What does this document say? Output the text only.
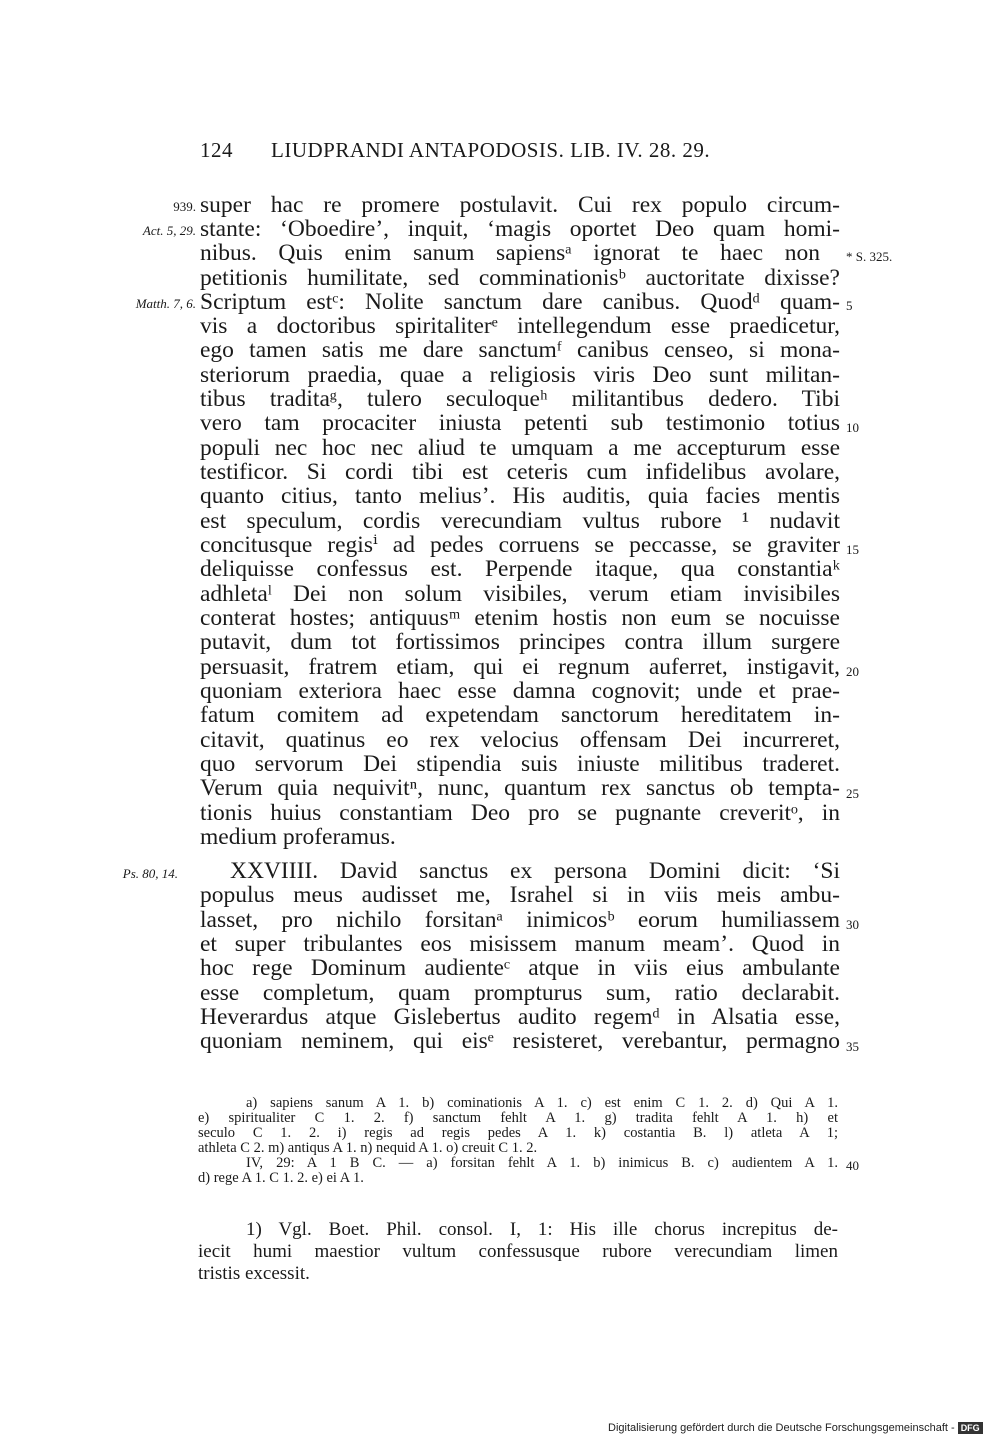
124 LIUDPRANDI ANTAPODOSIS. LIB. IV. 28. 29.
super hac re promere postulavit. Cui rex populo circum-
stante: ‘Oboedire’, inquit, ‘magis oportet Deo quam homi-
nibus. Quis enim sanum sapiensᵃ ignorat te haec non
petitionis humilitate, sed comminationisᵇ auctoritate dixisse?
Scriptum estᶜ: Nolite sanctum dare canibus. Quodᵈ quam-
vis a doctoribus spiritaliterᵉ intellegendum esse praedicetur,
ego tamen satis me dare sanctumᶠ canibus censeo, si mona-
steriorum praedia, quae a religiosis viris Deo sunt militan-
tibus traditaᵍ, tulero seculoqueʰ militantibus dedero. Tibi
vero tam procaciter iniusta petenti sub testimonio totius
populi nec hoc nec aliud te umquam a me accepturum esse
testificor. Si cordi tibi est ceteris cum infidelibus avolare,
quanto citius, tanto melius’. His auditis, quia facies mentis
est speculum, cordis verecundiam vultus rubore ¹ nudavit
concitusque regisⁱ ad pedes corruens se peccasse, se graviter
deliquisse confessus est. Perpende itaque, qua constantiaᵏ
adhletaˡ Dei non solum visibiles, verum etiam invisibiles
conterat hostes; antiquusᵐ etenim hostis non eum se nocuisse
putavit, dum tot fortissimos principes contra illum surgere
persuasit, fratrem etiam, qui ei regnum auferret, instigavit,
quoniam exteriora haec esse damna cognovit; unde et prae-
fatum comitem ad expetendam sanctorum hereditatem in-
citavit, quatinus eo rex velocius offensam Dei incurreret,
quo servorum Dei stipendia suis iniuste militibus traderet.
Verum quia nequivitⁿ, nunc, quantum rex sanctus ob tempta-
tionis huius constantiam Deo pro se pugnante creveritᵒ, in
medium proferamus.
XXVIIII. David sanctus ex persona Domini dicit: ‘Si
populus meus audisset me, Israhel si in viis meis ambu-
lasset, pro nichilo forsitanᵃ inimicosᵇ eorum humiliassem
et super tribulantes eos misissem manum meam’. Quod in
hoc rege Dominum audienteᶜ atque in viis eius ambulante
esse completum, quam prompturus sum, ratio declarabit.
Heverardus atque Gislebertus audito regemᵈ in Alsatia esse,
quoniam neminem, qui eisᵉ resisteret, verebantur, permagno
939.
Act. 5, 29.
Matth. 7, 6.
Ps. 80, 14.
* S. 325.
5
10
15
20
25
30
35
40
a) sapiens sanum A 1. b) cominationis A 1. c) est enim C 1. 2. d) Qui A 1.
e) spiritualiter C 1. 2. f) sanctum fehlt A 1. g) tradita fehlt A 1. h) et
seculo C 1. 2. i) regis ad regis pedes A 1. k) costantia B. l) atleta A 1;
athleta C 2. m) antiqus A 1. n) nequid A 1. o) creuit C 1. 2.
IV, 29: A 1 B C. — a) forsitan fehlt A 1. b) inimicus B. c) audientem A 1.
d) rege A 1. C 1. 2. e) ei A 1.
1) Vgl. Boet. Phil. consol. I, 1: His ille chorus increpitus de-
iecit humi maestior vultum confessusque rubore verecundiam limen
tristis excessit.
Digitalisierung gefördert durch die Deutsche Forschungsgemeinschaft - DFG
